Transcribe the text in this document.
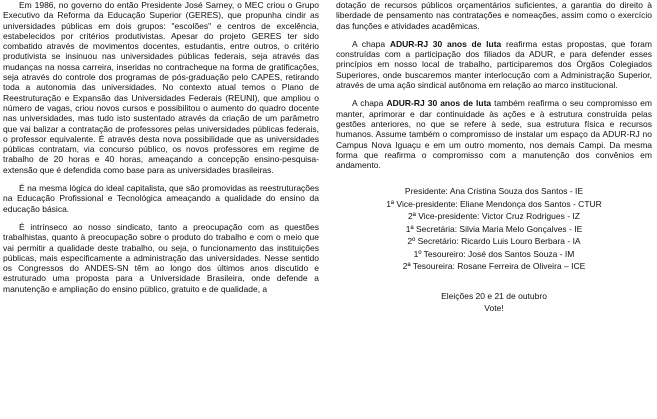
Em 1986, no governo do então Presidente José Sarney, o MEC criou o Grupo Executivo da Reforma da Educação Superior (GERES), que propunha cindir as universidades públicas em dois grupos: "escolões" e centros de excelência, estabelecidos por critérios produtivistas. Apesar do projeto GERES ter sido combatido através de movimentos docentes, estudantis, entre outros, o critério produtivista se insinuou nas universidades públicas federais, seja através das mudanças na nossa carreira, inseridas no contracheque na forma de gratificações, seja através do controle dos programas de pós-graduação pelo CAPES, retirando toda a autonomia das universidades. No contexto atual temos o Plano de Reestruturação e Expansão das Universidades Federais (REUNI), que ampliou o número de vagas, criou novos cursos e possibilitou o aumento do quadro docente nas universidades, mas tudo isto sustentado através da criação de um parâmetro que vai balizar a contratação de professores pelas universidades públicas federais, o professor equivalente. É através desta nova possibilidade que as universidades públicas contratam, via concurso público, os novos professores em regime de trabalho de 20 horas e 40 horas, ameaçando a concepção ensino-pesquisa-extensão que é defendida como base para as universidades brasileiras.

É na mesma lógica do ideal capitalista, que são promovidas as reestruturações na Educação Profissional e Tecnológica ameaçando a qualidade do ensino da educação básica.

É intrínseco ao nosso sindicato, tanto a preocupação com as questões trabalhistas, quanto à preocupação sobre o produto do trabalho e com o meio que vai permitir a qualidade deste trabalho, ou seja, o funcionamento das instituições públicas, mais especificamente a administração das universidades. Nesse sentido os Congressos do ANDES-SN têm ao longo dos últimos anos discutido e estruturado uma proposta para a Universidade Brasileira, onde defende a manutenção e ampliação do ensino público, gratuito e de qualidade, a

dotação de recursos públicos orçamentários suficientes, a garantia do direito à liberdade de pensamento nas contratações e nomeações, assim como o exercício das funções e atividades acadêmicas.

A chapa ADUR-RJ 30 anos de luta reafirma estas propostas, que foram construídas com a participação dos filiados da ADUR, e para defender esses princípios em nosso local de trabalho, participaremos dos Órgãos Colegiados Superiores, onde buscaremos manter interlocução com a Administração Superior, através de uma ação sindical autônoma em relação ao marco institucional.

A chapa ADUR-RJ 30 anos de luta também reafirma o seu compromisso em manter, aprimorar e dar continuidade às ações e à estrutura construída pelas gestões anteriores, no que se refere à sede, sua estrutura física e recursos humanos. Assume também o compromisso de instalar um espaço da ADUR-RJ no Campus Nova Iguaçu e em um outro momento, nos demais Campi. Da mesma forma que reafirma o compromisso com a manutenção dos convênios em andamento.

Presidente: Ana Cristina Souza dos Santos - IE
1ª Vice-presidente: Eliane Mendonça dos Santos - CTUR
2ª Vice-presidente: Victor Cruz Rodrigues - IZ
1ª Secretária: Silvia Maria Melo Gonçalves - IE
2º Secretário: Ricardo Luis Louro Berbara - IA
1º Tesoureiro: José dos Santos Souza - IM
2ª Tesoureira: Rosane Ferreira de Oliveira – ICE
Eleições 20 e 21 de outubro
Vote!
